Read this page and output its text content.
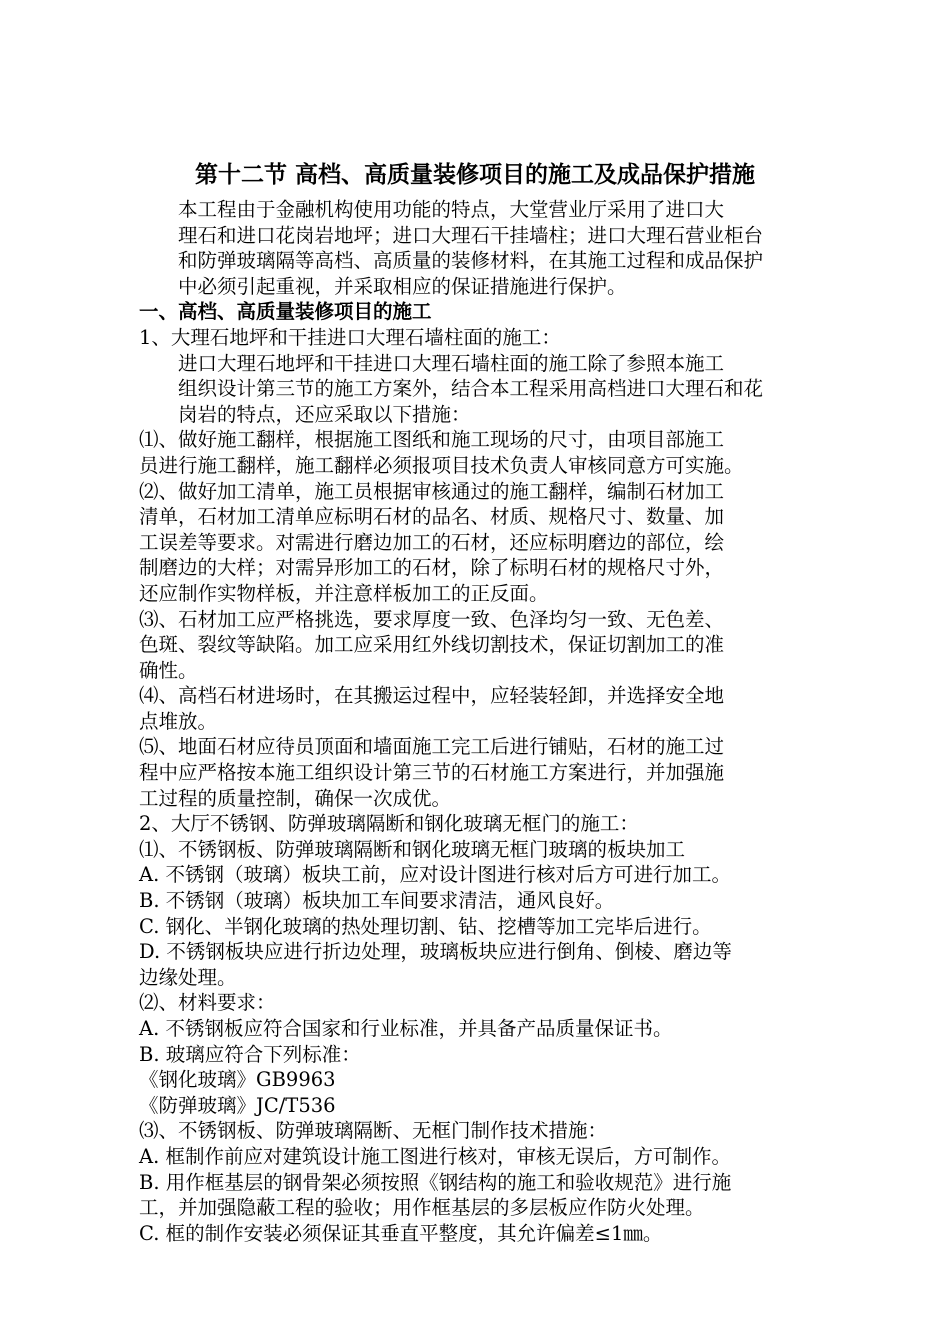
第十二节 高档、高质量装修项目的施工及成品保护措施
本工程由于金融机构使用功能的特点，大堂营业厅采用了进口大
理石和进口花岗岩地坪；进口大理石干挂墙柱；进口大理石营业柜台
和防弹玻璃隔等高档、高质量的装修材料，在其施工过程和成品保护
中必须引起重视，并采取相应的保证措施进行保护。
一、高档、高质量装修项目的施工
1、大理石地坪和干挂进口大理石墙柱面的施工：
进口大理石地坪和干挂进口大理石墙柱面的施工除了参照本施工
组织设计第三节的施工方案外，结合本工程采用高档进口大理石和花
岗岩的特点，还应采取以下措施：
⑴、做好施工翻样，根据施工图纸和施工现场的尺寸，由项目部施工
员进行施工翻样，施工翻样必须报项目技术负责人审核同意方可实施。
⑵、做好加工清单，施工员根据审核通过的施工翻样，编制石材加工
清单，石材加工清单应标明石材的品名、材质、规格尺寸、数量、加
工误差等要求。对需进行磨边加工的石材，还应标明磨边的部位，绘
制磨边的大样；对需异形加工的石材，除了标明石材的规格尺寸外，
还应制作实物样板，并注意样板加工的正反面。
⑶、石材加工应严格挑选，要求厚度一致、色泽均匀一致、无色差、
色斑、裂纹等缺陷。加工应采用红外线切割技术，保证切割加工的准
确性。
⑷、高档石材进场时，在其搬运过程中，应轻装轻卸，并选择安全地
点堆放。
⑸、地面石材应待员顶面和墙面施工完工后进行铺贴，石材的施工过
程中应严格按本施工组织设计第三节的石材施工方案进行，并加强施
工过程的质量控制，确保一次成优。
2、大厅不锈钢、防弹玻璃隔断和钢化玻璃无框门的施工：
⑴、不锈钢板、防弹玻璃隔断和钢化玻璃无框门玻璃的板块加工
A. 不锈钢（玻璃）板块工前，应对设计图进行核对后方可进行加工。
B. 不锈钢（玻璃）板块加工车间要求清洁，通风良好。
C. 钢化、半钢化玻璃的热处理切割、钻、挖槽等加工完毕后进行。
D. 不锈钢板块应进行折边处理，玻璃板块应进行倒角、倒棱、磨边等
边缘处理。
⑵、材料要求：
A. 不锈钢板应符合国家和行业标准，并具备产品质量保证书。
B. 玻璃应符合下列标准：
《钢化玻璃》GB9963
《防弹玻璃》JC/T536
⑶、不锈钢板、防弹玻璃隔断、无框门制作技术措施：
A. 框制作前应对建筑设计施工图进行核对，审核无误后，方可制作。
B. 用作框基层的钢骨架必须按照《钢结构的施工和验收规范》进行施
工，并加强隐蔽工程的验收；用作框基层的多层板应作防火处理。
C. 框的制作安装必须保证其垂直平整度，其允许偏差≤1㎜。
